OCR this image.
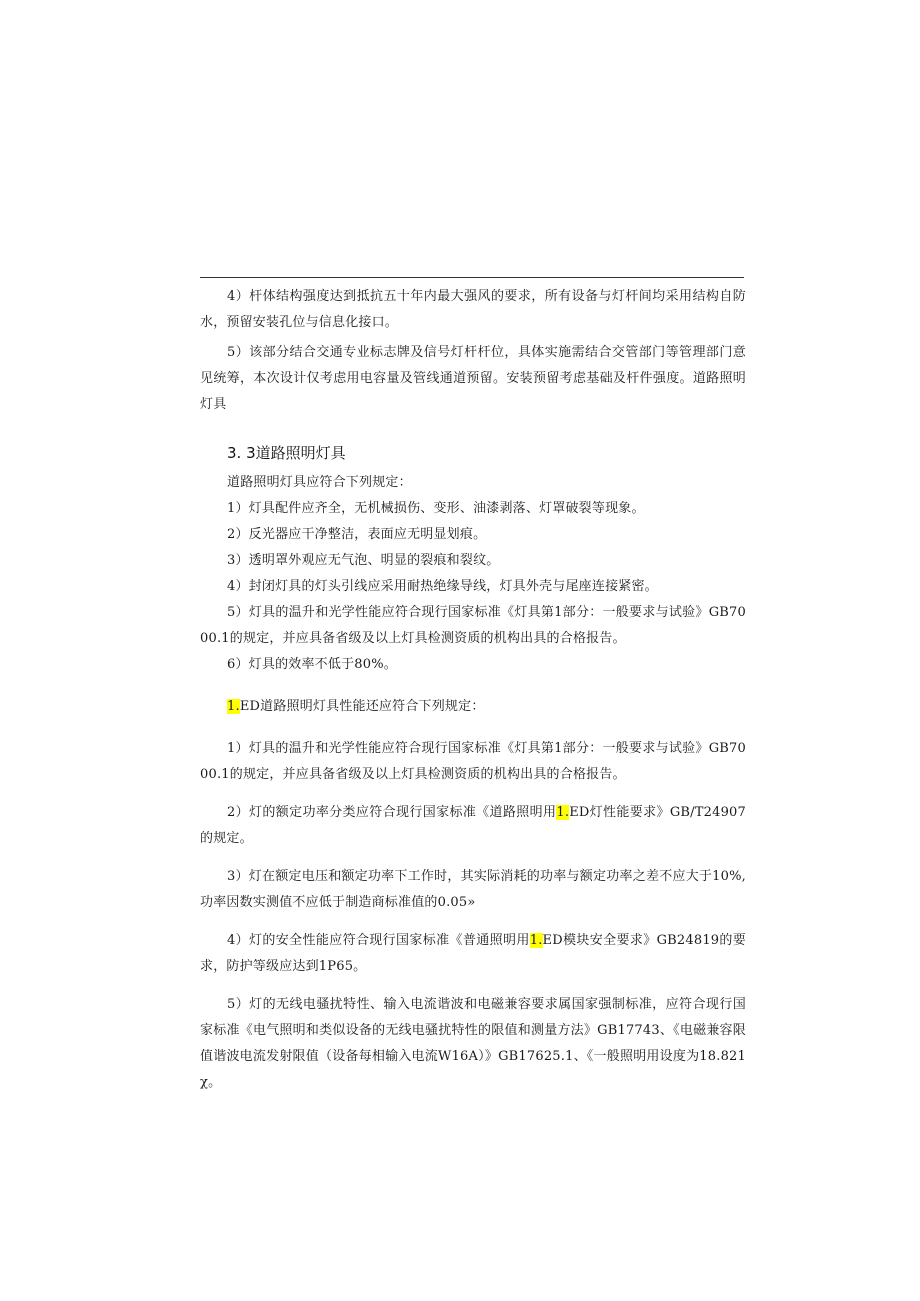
4）杆体结构强度达到抵抗五十年内最大强风的要求，所有设备与灯杆间均采用结构自防水，预留安装孔位与信息化接口。

5）该部分结合交通专业标志牌及信号灯杆杆位，具体实施需结合交管部门等管理部门意见统筹，本次设计仅考虑用电容量及管线通道预留。安装预留考虑基础及杆件强度。道路照明灯具

3. 3道路照明灯具

道路照明灯具应符合下列规定：

1）灯具配件应齐全，无机械损伤、变形、油漆剥落、灯罩破裂等现象。

2）反光器应干净整洁，表面应无明显划痕。

3）透明罩外观应无气泡、明显的裂痕和裂纹。

4）封闭灯具的灯头引线应采用耐热绝缘导线，灯具外壳与尾座连接紧密。

5）灯具的温升和光学性能应符合现行国家标准《灯具第1部分：一般要求与试验》GB7000.1的规定，并应具备省级及以上灯具检测资质的机构出具的合格报告。

6）灯具的效率不低于80%。

1.ED道路照明灯具性能还应符合下列规定：

1）灯具的温升和光学性能应符合现行国家标准《灯具第1部分：一般要求与试验》GB7000.1的规定，并应具备省级及以上灯具检测资质的机构出具的合格报告。

2）灯的额定功率分类应符合现行国家标准《道路照明用1.ED灯性能要求》GB/T24907的规定。

3）灯在额定电压和额定功率下工作时，其实际消耗的功率与额定功率之差不应大于10%,功率因数实测值不应低于制造商标准值的0.05»

4）灯的安全性能应符合现行国家标准《普通照明用1.ED模块安全要求》GB24819的要求，防护等级应达到1P65。

5）灯的无线电骚扰特性、输入电流谐波和电磁兼容要求属国家强制标准，应符合现行国家标准《电气照明和类似设备的无线电骚扰特性的限值和测量方法》GB17743、《电磁兼容限值谐波电流发射限值（设备每相输入电流W16A）》GB17625.1、《一般照明用设度为18.821χ。
